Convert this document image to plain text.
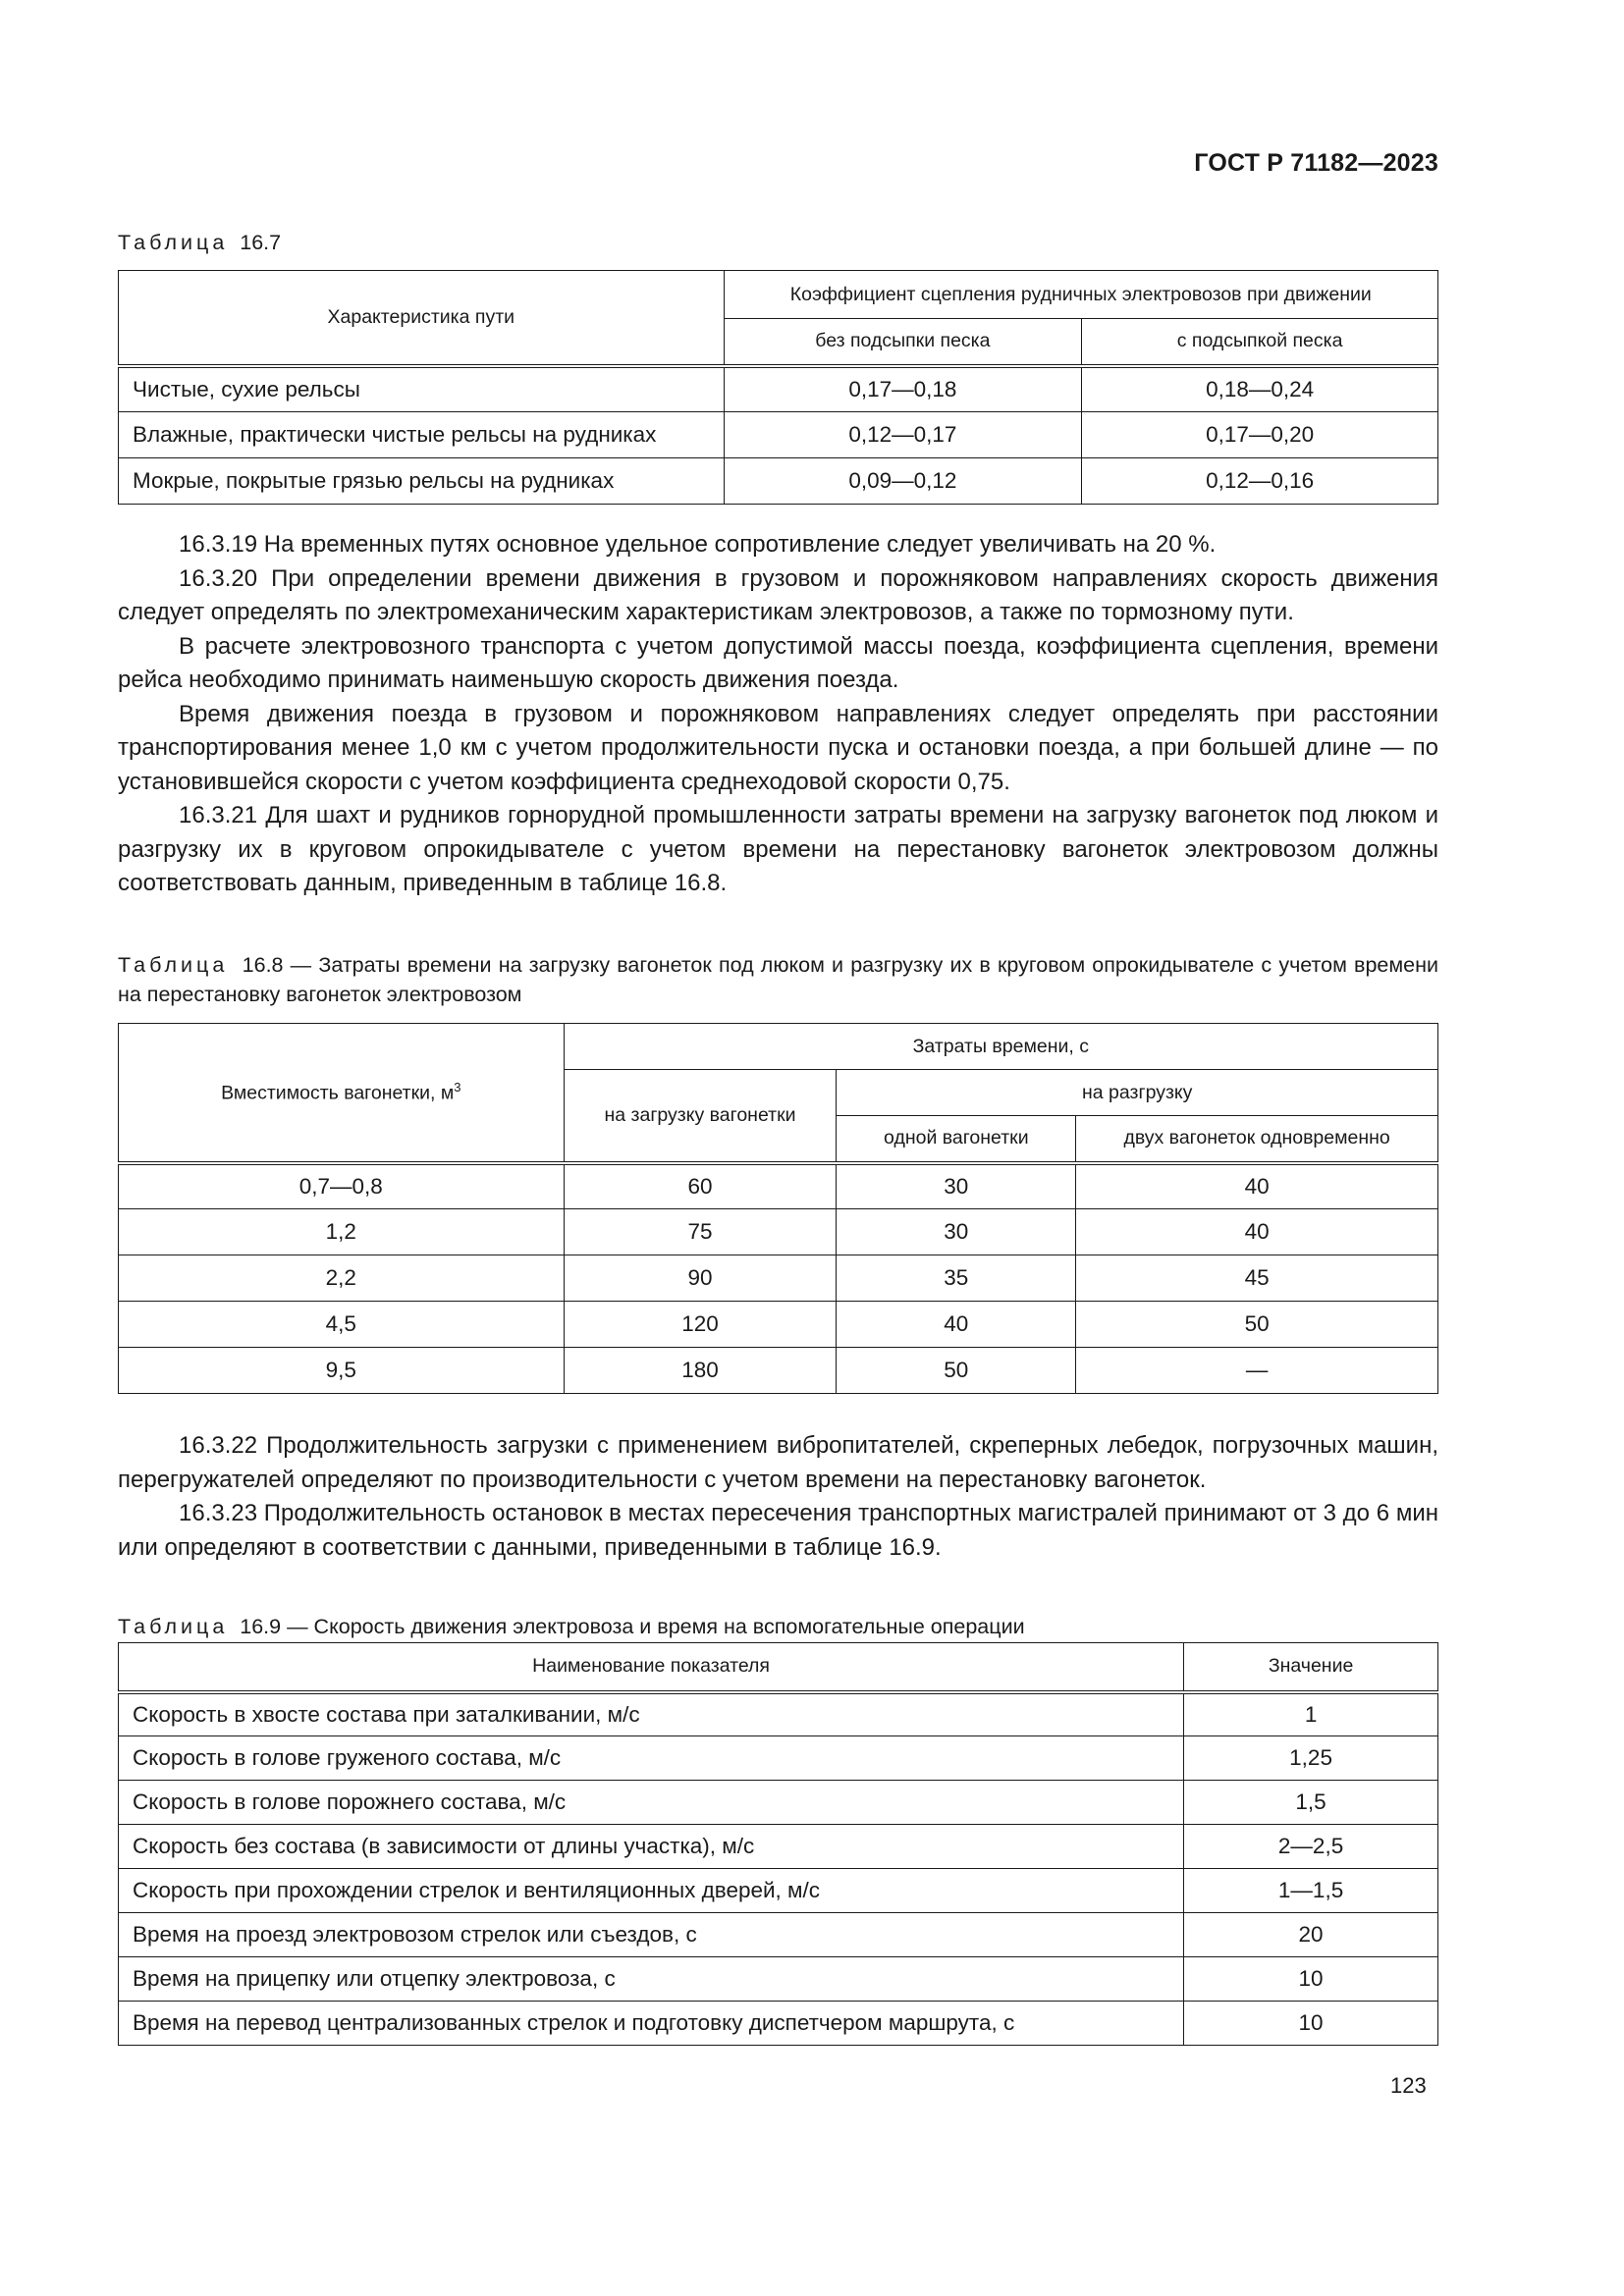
ГОСТ Р 71182—2023
Таблица 16.7
Характеристика пути	Коэффициент сцепления рудничных электровозов при движении	
	без подсыпки песка	с подсыпкой песка
Чистые, сухие рельсы	0,17—0,18	0,18—0,24
Влажные, практически чистые рельсы на рудниках	0,12—0,17	0,17—0,20
Мокрые, покрытые грязью рельсы на рудниках	0,09—0,12	0,12—0,16

16.3.19 На временных путях основное удельное сопротивление следует увеличивать на 20 %.

16.3.20 При определении времени движения в грузовом и порожняковом направлениях скорость движения следует определять по электромеханическим характеристикам электровозов, а также по тормозному пути.

В расчете электровозного транспорта с учетом допустимой массы поезда, коэффициента сцепления, времени рейса необходимо принимать наименьшую скорость движения поезда.

Время движения поезда в грузовом и порожняковом направлениях следует определять при расстоянии транспортирования менее 1,0 км с учетом продолжительности пуска и остановки поезда, а при большей длине — по установившейся скорости с учетом коэффициента среднеходовой скорости 0,75.

16.3.21 Для шахт и рудников горнорудной промышленности затраты времени на загрузку вагонеток под люком и разгрузку их в круговом опрокидывателе с учетом времени на перестановку вагонеток электровозом должны соответствовать данным, приведенным в таблице 16.8.

Таблица 16.8 — Затраты времени на загрузку вагонеток под люком и разгрузку их в круговом опрокидывателе с учетом времени на перестановку вагонеток электровозом
Вместимость вагонетки, $м^3$	Затраты времени, с		
	на загрузку вагонетки	на разгрузку	
		одной вагонетки	двух вагонеток одновременно
0,7—0,8	60	30	40
1,2	75	30	40
2,2	90	35	45
4,5	120	40	50
9,5	180	50	—

16.3.22 Продолжительность загрузки с применением вибропитателей, скреперных лебедок, погрузочных машин, перегружателей определяют по производительности с учетом времени на перестановку вагонеток.

16.3.23 Продолжительность остановок в местах пересечения транспортных магистралей принимают от 3 до 6 мин или определяют в соответствии с данными, приведенными в таблице 16.9.

Таблица 16.9 — Скорость движения электровоза и время на вспомогательные операции
Наименование показателя	Значение
Скорость в хвосте состава при заталкивании, м/с	1
Скорость в голове груженого состава, м/с	1,25
Скорость в голове порожнего состава, м/с	1,5
Скорость без состава (в зависимости от длины участка), м/с	2—2,5
Скорость при прохождении стрелок и вентиляционных дверей, м/с	1—1,5
Время на проезд электровозом стрелок или съездов, с	20
Время на прицепку или отцепку электровоза, с	10
Время на перевод централизованных стрелок и подготовку диспетчером маршрута, с	10
123
